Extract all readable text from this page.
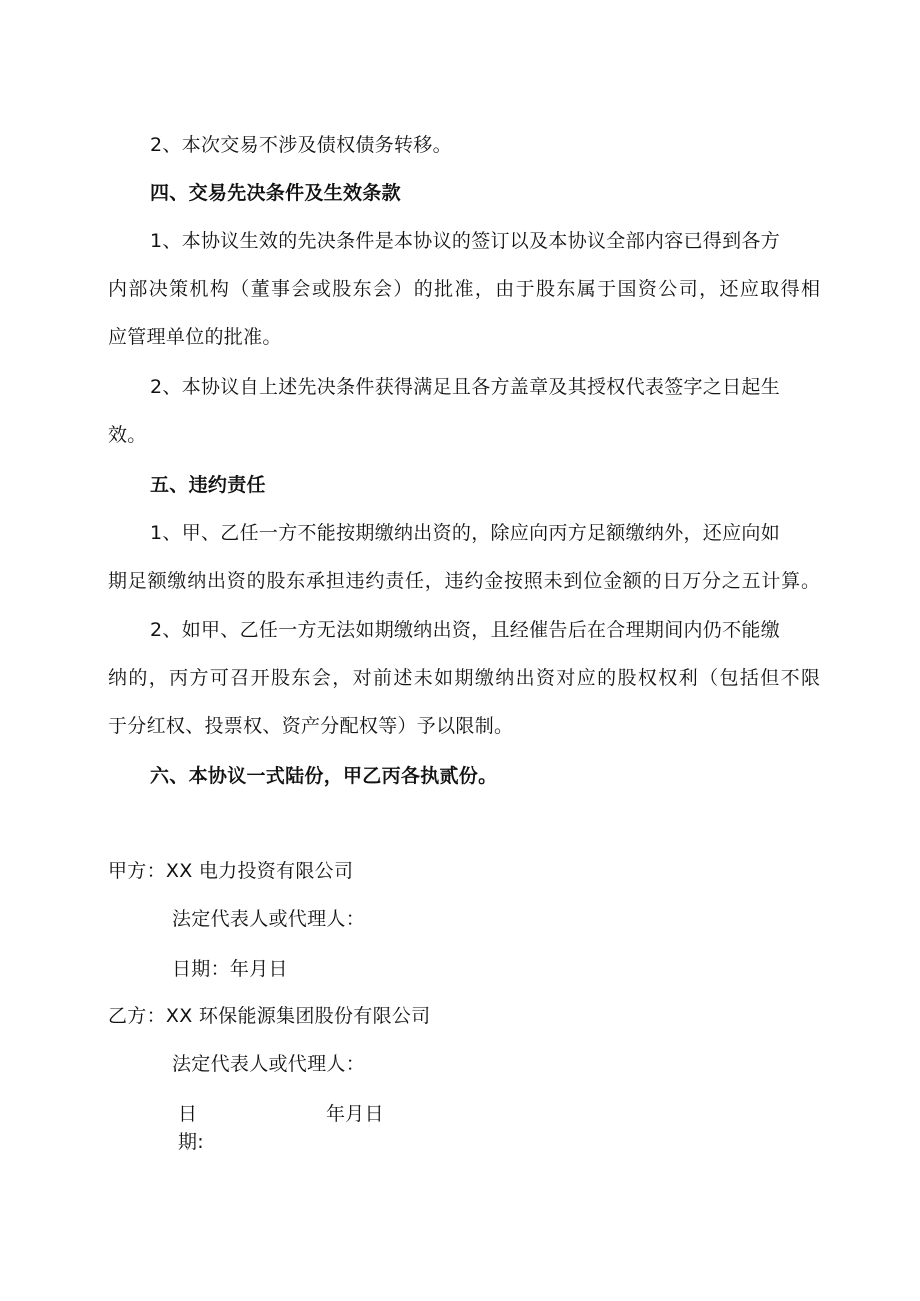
2、本次交易不涉及债权债务转移。
四、交易先决条件及生效条款
1、本协议生效的先决条件是本协议的签订以及本协议全部内容已得到各方
内部决策机构（董事会或股东会）的批准，由于股东属于国资公司，还应取得相
应管理单位的批准。
2、本协议自上述先决条件获得满足且各方盖章及其授权代表签字之日起生
效。
五、违约责任
1、甲、乙任一方不能按期缴纳出资的，除应向丙方足额缴纳外，还应向如
期足额缴纳出资的股东承担违约责任，违约金按照未到位金额的日万分之五计算。
2、如甲、乙任一方无法如期缴纳出资，且经催告后在合理期间内仍不能缴
纳的，丙方可召开股东会，对前述未如期缴纳出资对应的股权权利（包括但不限
于分红权、投票权、资产分配权等）予以限制。
六、本协议一式陆份，甲乙丙各执贰份。
甲方：XX 电力投资有限公司
法定代表人或代理人：
日期：年月日
乙方：XX 环保能源集团股份有限公司
法定代表人或代理人：
日
期:
年月日
